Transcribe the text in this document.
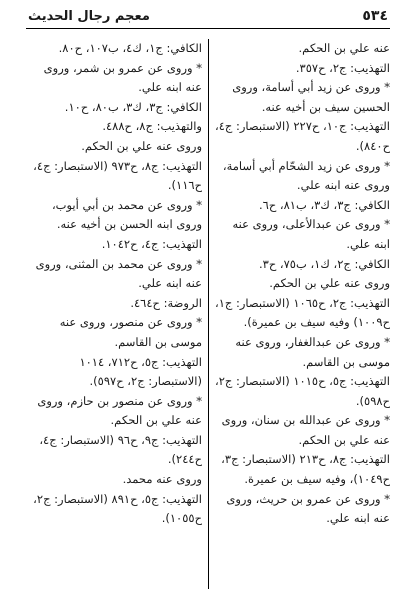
٥٣٤
معجم رجال الحديث

عنه علي بن الحكم.

التهذيب: ج٢، ح٣٥٧.

* وروى عن زيد أبي أسامة، وروى الحسين سيف بن أخيه عنه.

التهذيب: ج١٠، ح٢٢٧ (الاستبصار: ج٤، ح٨٤٠).

* وروى عن زيد الشحّام أبي أسامة، وروى عنه ابنه علي.

الكافي: ج٣، ك٣، ب٨١، ح٦.

* وروى عن عبدالأعلى، وروى عنه ابنه علي.

الكافي: ج٢، ك١، ب٧٥، ح٣.

وروى عنه علي بن الحكم.

التهذيب: ج٢، ح١٠٦٥ (الاستبصار: ج١، ح١٠٠٩) وفيه سيف بن عميرة).

* وروى عن عبدالغفار، وروى عنه موسى بن القاسم.

التهذيب: ج٥، ح١٠١٥ (الاستبصار: ج٢، ح٥٩٨).

* وروى عن عبدالله بن سنان، وروى عنه علي بن الحكم.

التهذيب: ج٨، ح٢١٣ (الاستبصار: ج٣، ح١٠٤٩)، وفيه سيف بن عميرة.

* وروى عن عمرو بن حريث، وروى عنه ابنه علي.

الكافي: ج١، ك٤، ب١٠٧، ح٨٠.

* وروى عن عمرو بن شمر، وروى عنه ابنه علي.

الكافي: ج٣، ك٣، ب٨٠، ح١٠. والتهذيب: ج٨، ح٤٨٨.

وروى عنه علي بن الحكم.

التهذيب: ج٨، ح٩٧٣ (الاستبصار: ج٤، ح١١٦).

* وروى عن محمد بن أبي أيوب، وروى ابنه الحسن بن أخيه عنه.

التهذيب: ج٤، ح١٠٤٢.

* وروى عن محمد بن المثنى، وروى عنه ابنه علي.

الروضة: ح٤٦٤.

* وروى عن منصور، وروى عنه موسى بن القاسم.

التهذيب: ج٥، ح٧١٢، ١٠١٤ (الاستبصار: ج٢، ح٥٩٧).

* وروى عن منصور بن حازم، وروى عنه علي بن الحكم.

التهذيب: ج٩، ح٩٦ (الاستبصار: ج٤، ح٢٤٤).

وروى عنه محمد.

التهذيب: ج٥، ح٨٩١ (الاستبصار: ج٢، ح١٠٥٥).
